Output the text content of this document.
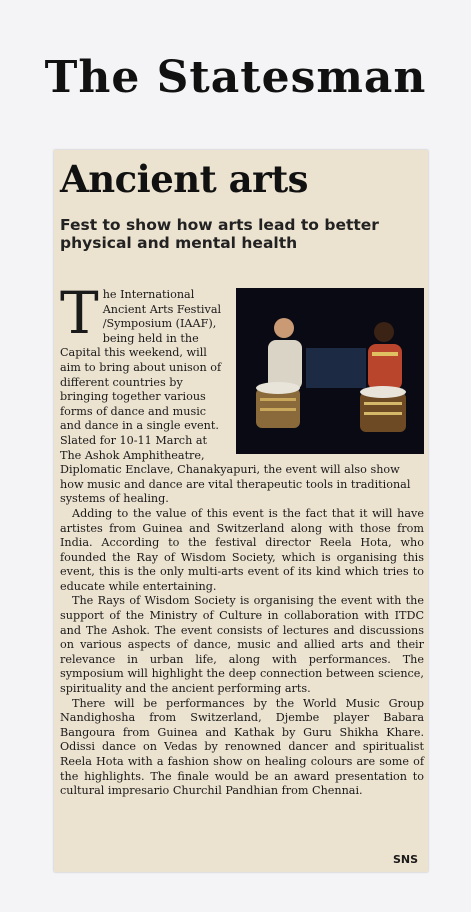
The Statesman
Ancient arts
Fest to show how arts lead to better physical and mental health

The International Ancient Arts Festival /Symposium (IAAF), being held in the Capital this weekend, will aim to bring about unison of different countries by bringing together various forms of dance and music and dance in a single event. Slated for 10-11 March at The Ashok Amphitheatre, Diplomatic Enclave, Chanakyapuri, the event will also show how music and dance are vital therapeutic tools in traditional systems of healing.

Adding to the value of this event is the fact that it will have artistes from Guinea and Switzerland along with those from India. According to the festival director Reela Hota, who founded the Ray of Wisdom Society, which is organising this event, this is the only multi-arts event of its kind which tries to educate while entertaining.

The Rays of Wisdom Society is organising the event with the support of the Ministry of Culture in collaboration with ITDC and The Ashok. The event consists of lectures and discussions on various aspects of dance, music and allied arts and their relevance in urban life, along with performances. The symposium will highlight the deep connection between science, spirituality and the ancient performing arts.

There will be performances by the World Music Group Nandighosha from Switzerland, Djembe player Babara Bangoura from Guinea and Kathak by Guru Shikha Khare. Odissi dance on Vedas by renowned dancer and spiritualist Reela Hota with a fashion show on healing colours are some of the highlights. The finale would be an award presentation to cultural impresario Churchil Pandhian from Chennai.

SNS
